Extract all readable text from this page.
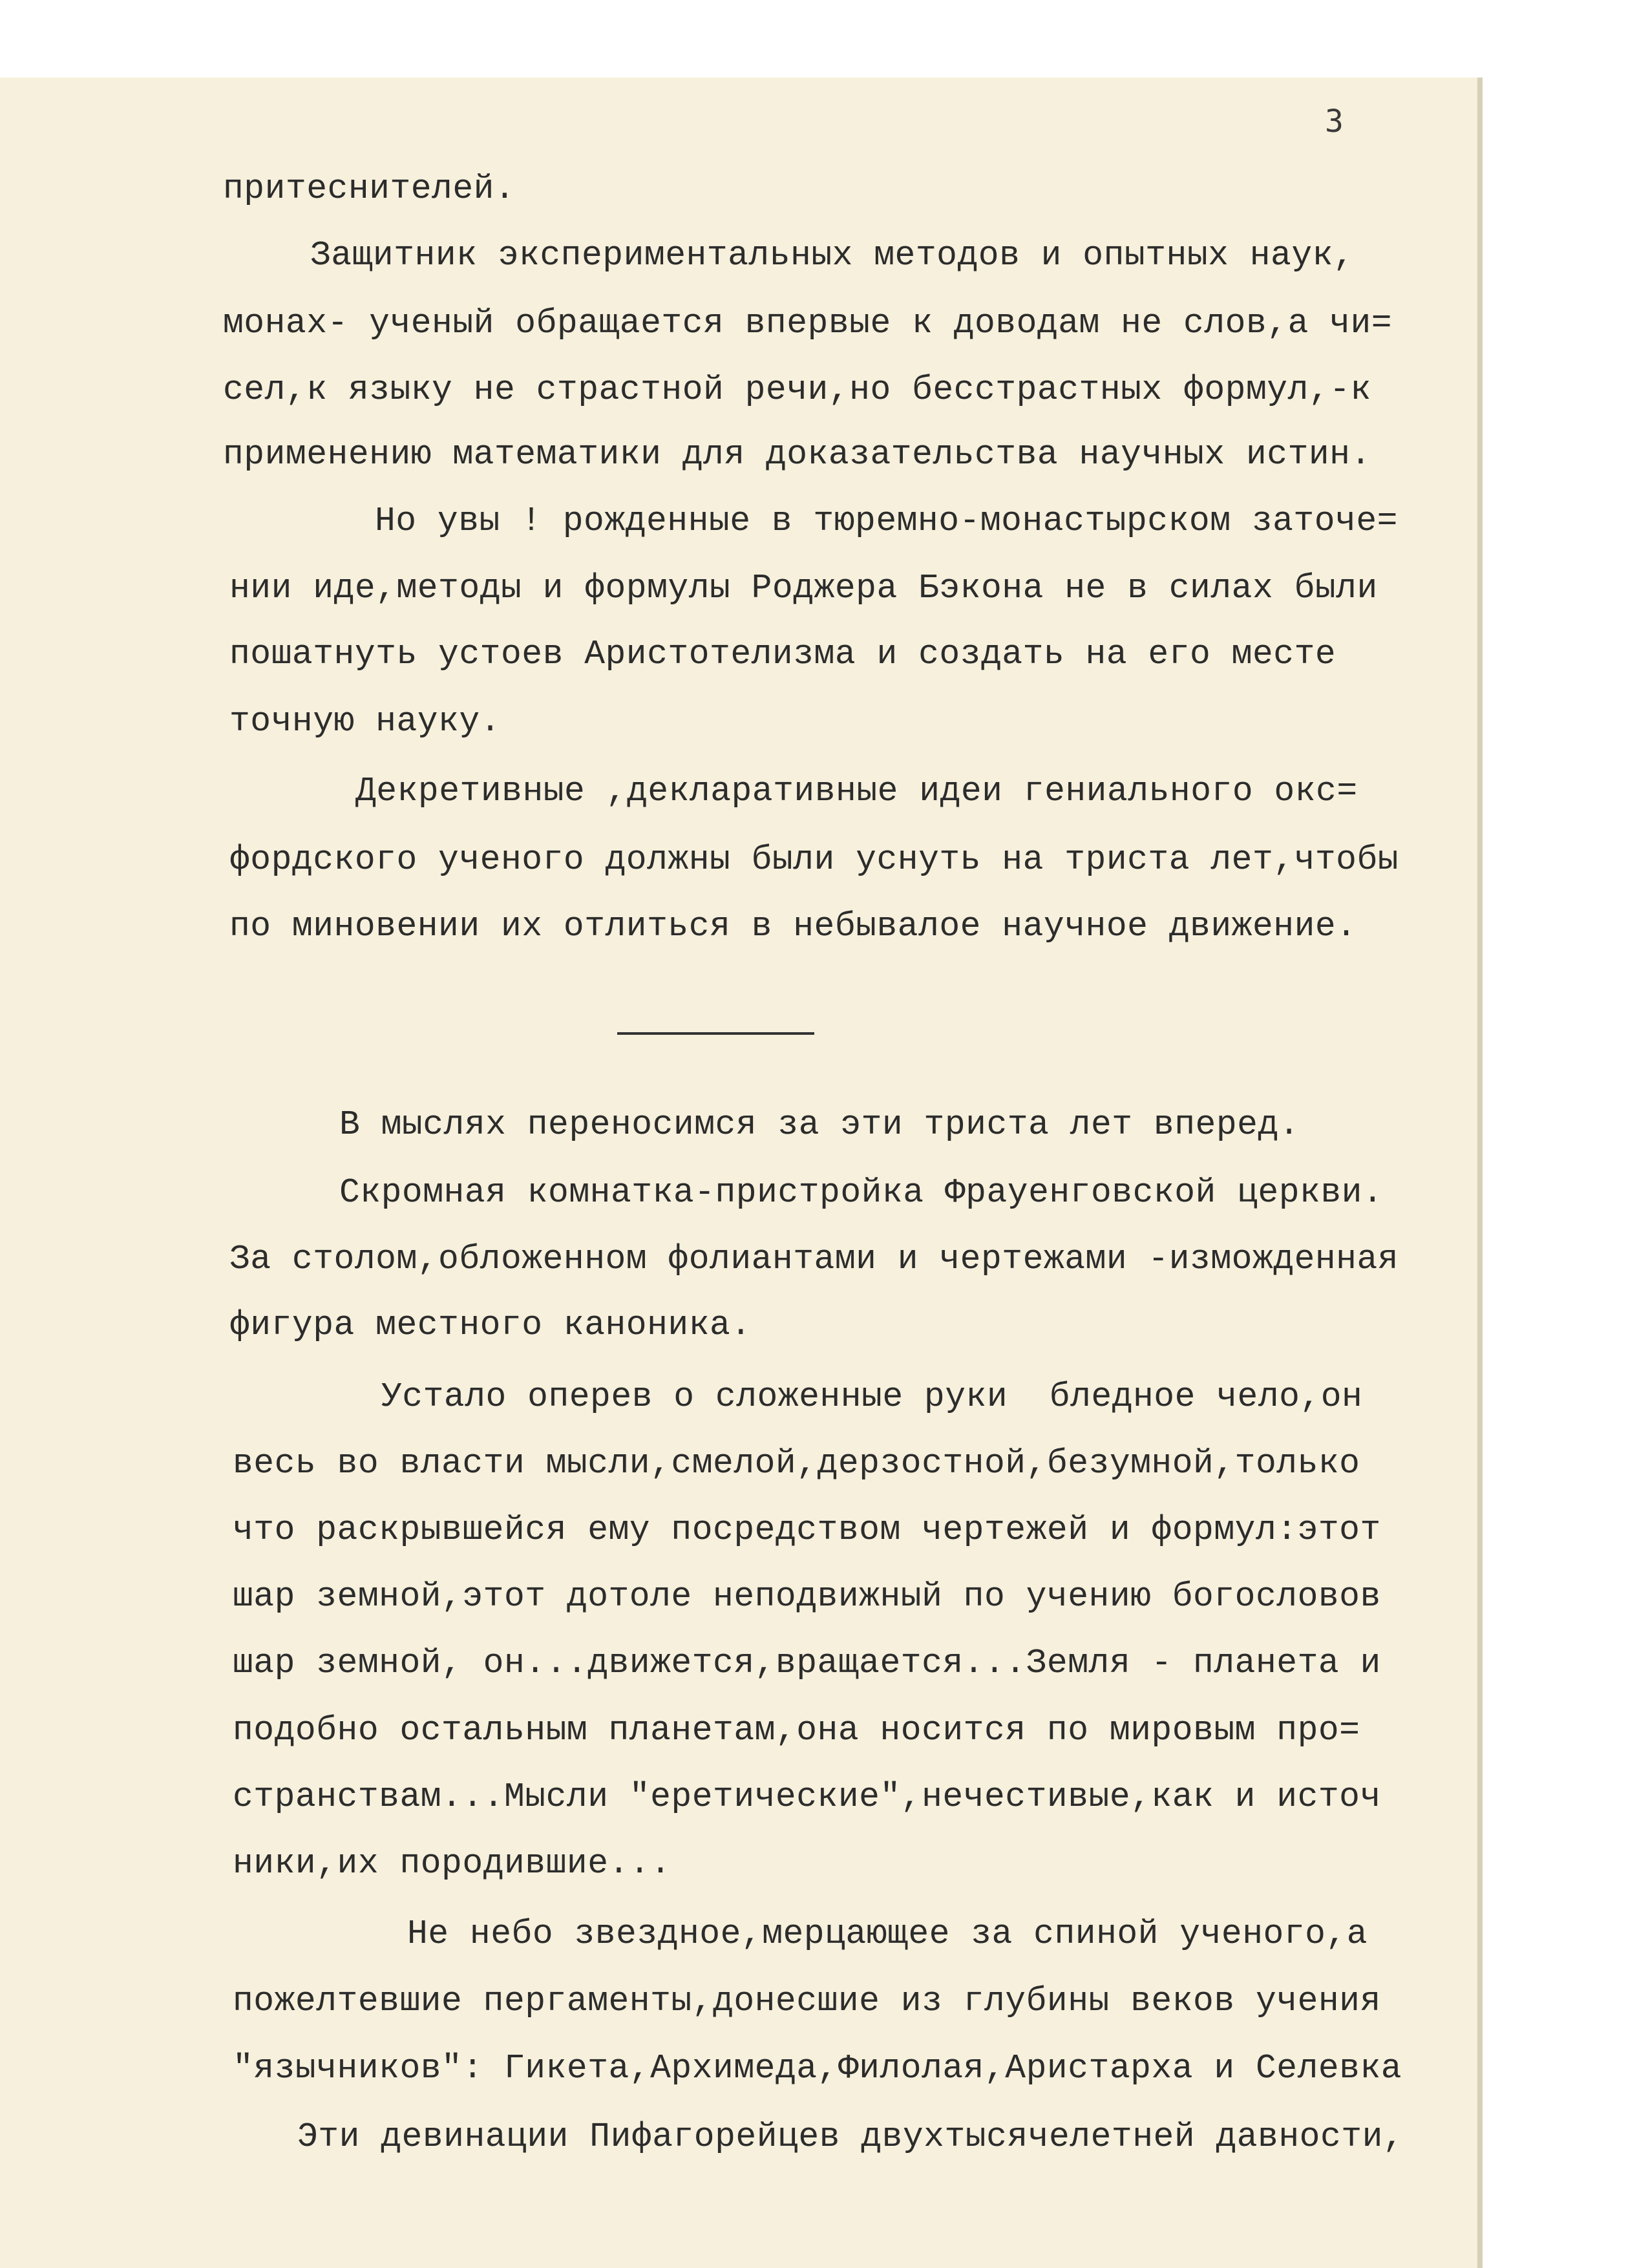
3
притеснителей.
Защитник экспериментальных методов и опытных наук,
монах- ученый обращается впервые к доводам не слов,а чи=
сел,к языку не страстной речи,но бесстрастных формул,-к
применению математики для доказательства научных истин.
Но увы ! рожденные в тюремно-монастырском заточе=
нии иде,методы и формулы Роджера Бэкона не в силах были
пошатнуть устоев Аристотелизма и создать на его месте
точную науку.
Декретивные ,декларативные идеи гениального окс=
фордского ученого должны были уснуть на триста лет,чтобы
по миновении их отлиться в небывалое научное движение.
В мыслях переносимся за эти триста лет вперед.
Скромная комнатка-пристройка Фрауенговской церкви.
За столом,обложенном фолиантами и чертежами -изможденная
фигура местного каноника.
Устало оперев о сложенные руки  бледное чело,он
весь во власти мысли,смелой,дерзостной,безумной,только
что раскрывшейся ему посредством чертежей и формул:этот
шар земной,этот дотоле неподвижный по учению богословов
шар земной, он...движется,вращается...Земля - планета и
подобно остальным планетам,она носится по мировым про=
странствам...Мысли "еретические",нечестивые,как и источ
ники,их породившие...
Не небо звездное,мерцающее за спиной ученого,а
пожелтевшие пергаменты,донесшие из глубины веков учения
"язычников": Гикета,Архимеда,Филолая,Аристарха и Селевка
Эти девинации Пифагорейцев двухтысячелетней давности,
